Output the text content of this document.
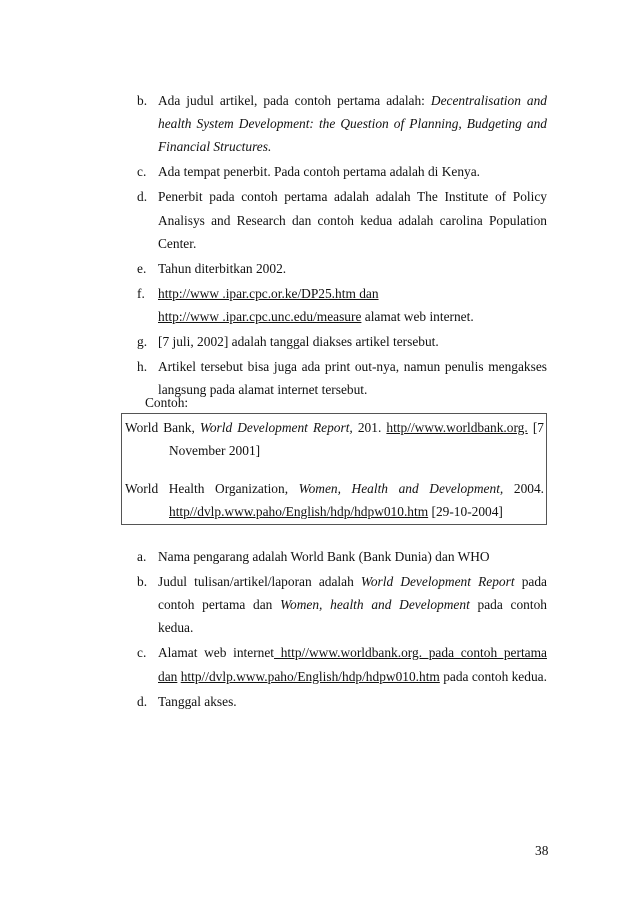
b. Ada judul artikel, pada contoh pertama adalah: Decentralisation and health System Development: the Question of Planning, Budgeting and Financial Structures.
c. Ada tempat penerbit. Pada contoh pertama adalah di Kenya.
d. Penerbit pada contoh pertama adalah adalah The Institute of Policy Analisys and Research dan contoh kedua adalah carolina Population Center.
e. Tahun diterbitkan 2002.
f. http://www .ipar.cpc.or.ke/DP25.htm dan
http://www .ipar.cpc.unc.edu/measure alamat web internet.
g. [7 juli, 2002] adalah tanggal diakses artikel tersebut.
h. Artikel tersebut bisa juga ada print out-nya, namun penulis mengakses langsung pada alamat internet tersebut.
Contoh:
World Bank, World Development Report, 201. http//www.worldbank.org. [7
November 2001]
World Health Organization, Women, Health and Development, 2004.
http//dvlp.www.paho/English/hdp/hdpw010.htm [29-10-2004]
a. Nama pengarang adalah World Bank (Bank Dunia) dan WHO
b. Judul tulisan/artikel/laporan adalah World Development Report pada contoh pertama dan Women, health and Development pada contoh kedua.
c. Alamat web internet http//www.worldbank.org. pada contoh pertama dan http//dvlp.www.paho/English/hdp/hdpw010.htm pada contoh kedua.
d. Tanggal akses.
38
